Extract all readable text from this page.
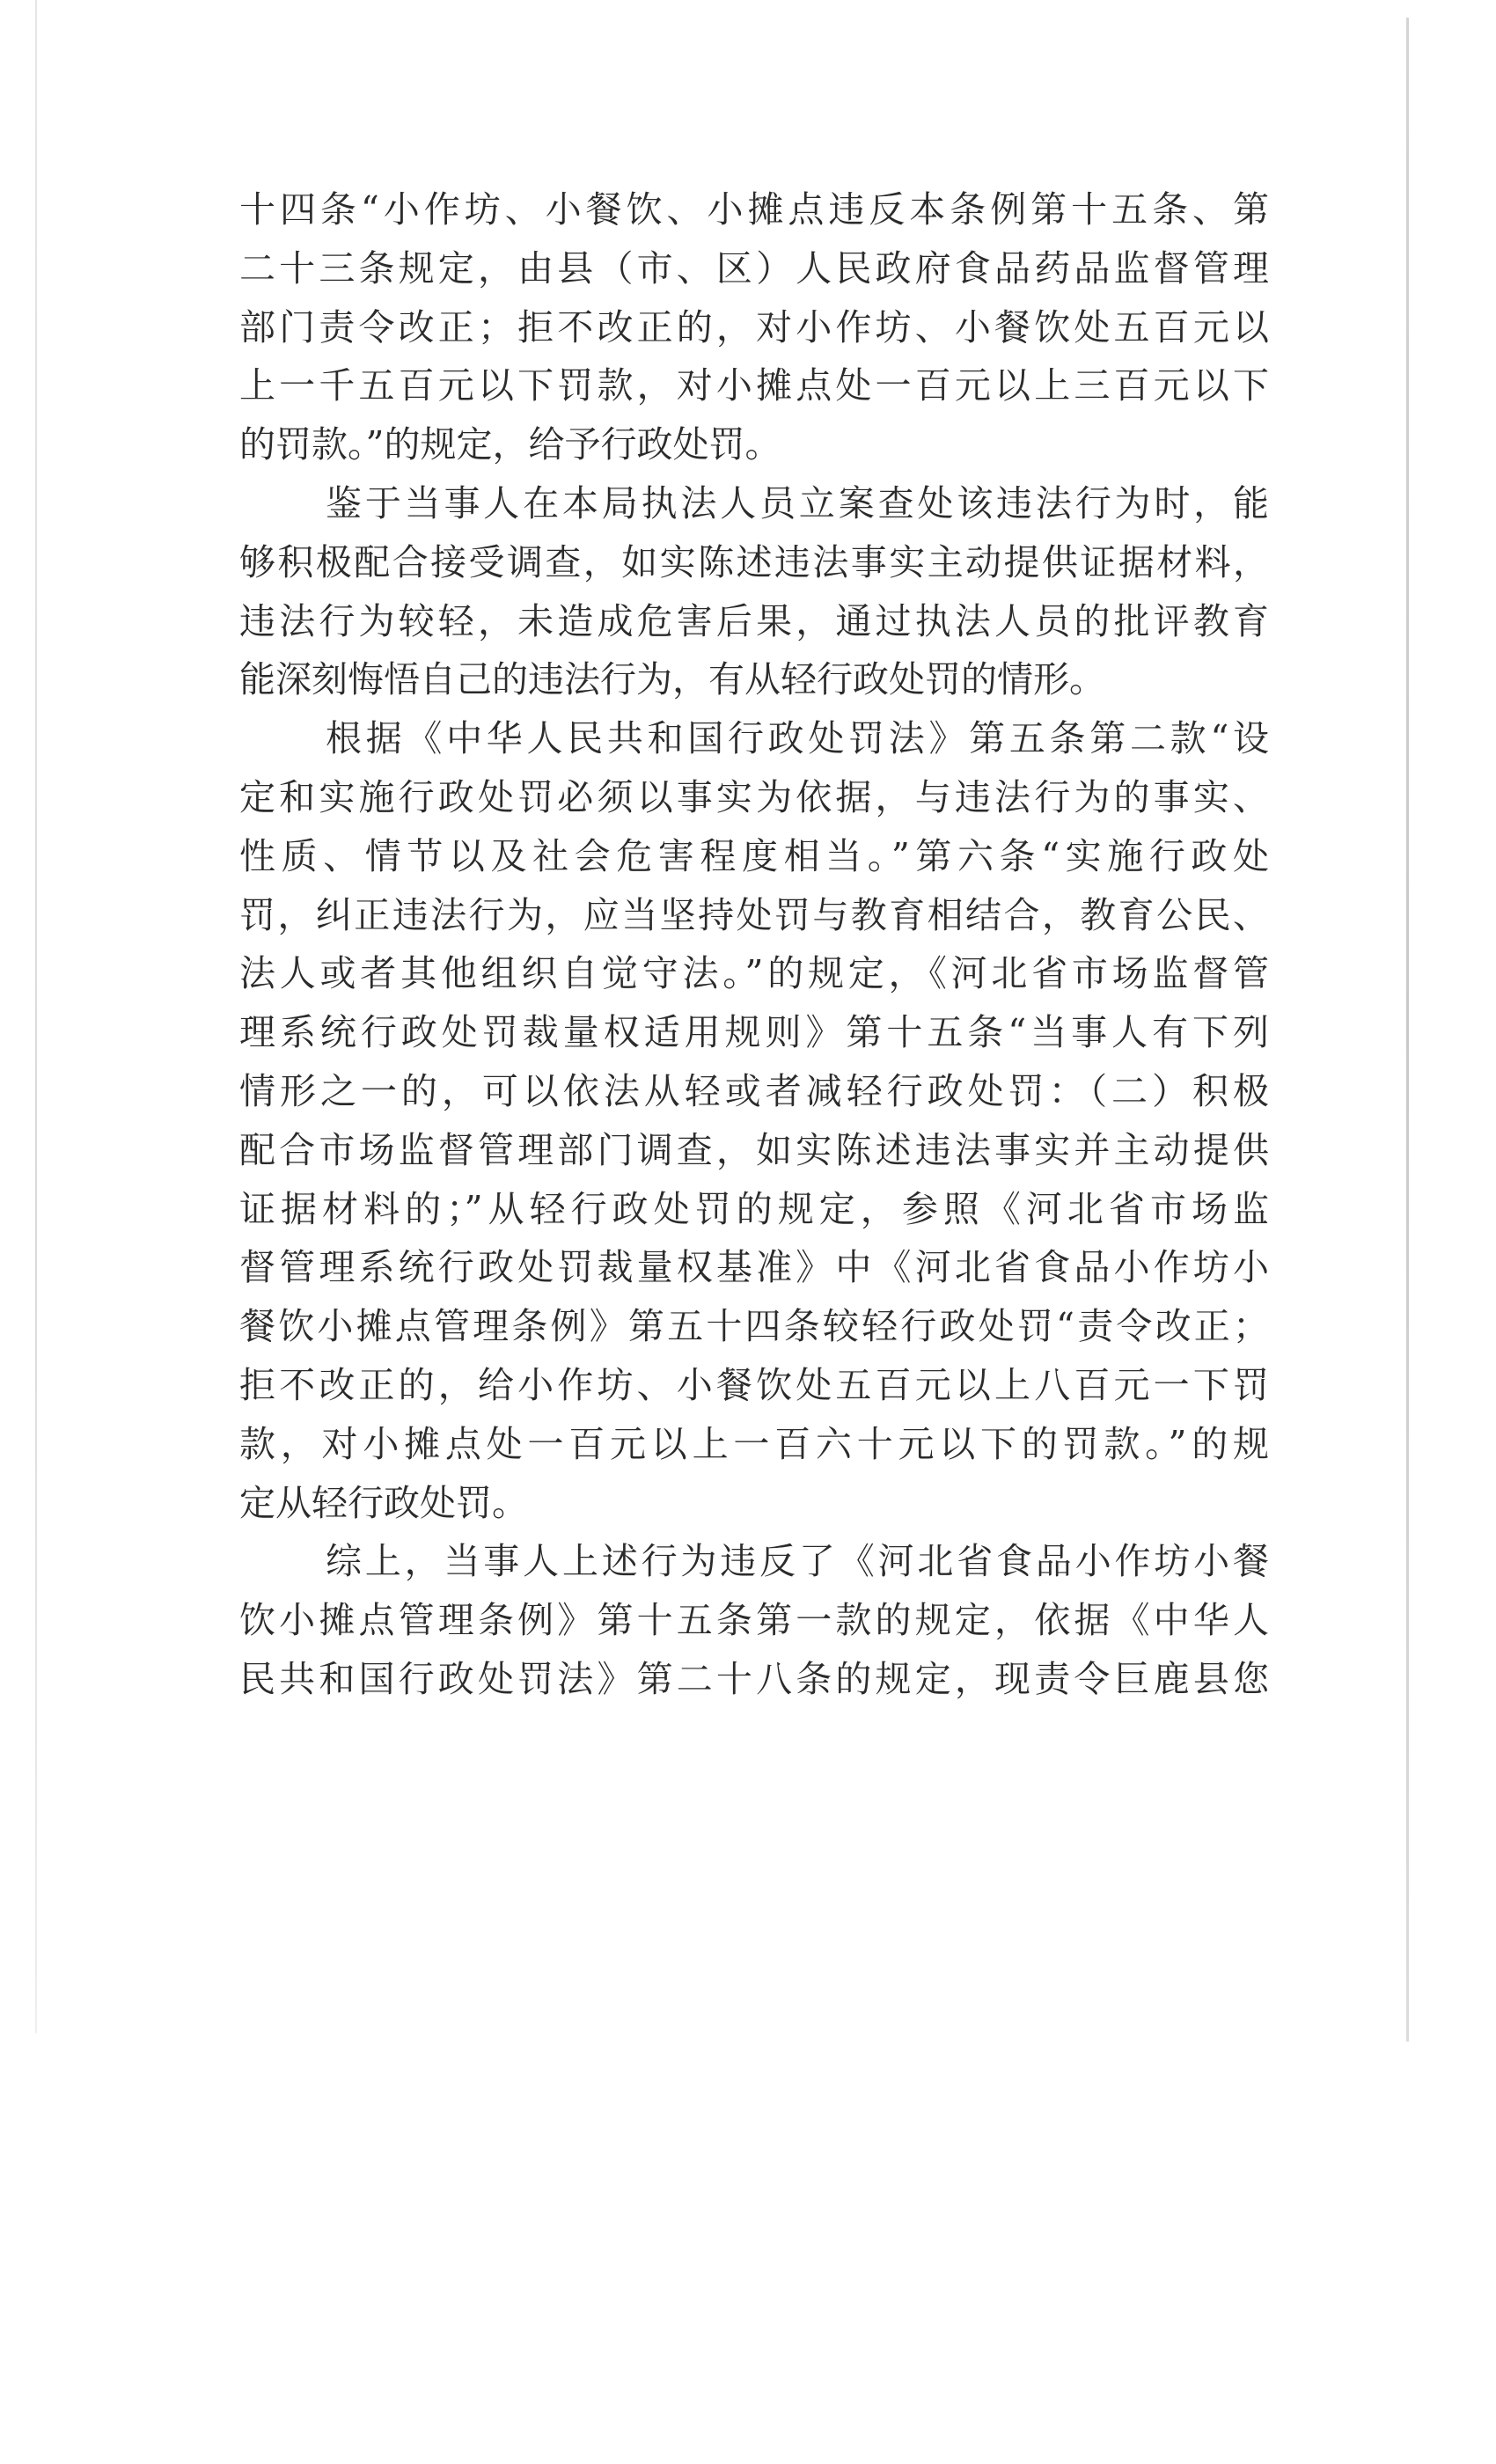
十四条“小作坊、小餐饮、小摊点违反本条例第十五条、第
二十三条规定，由县（市、区）人民政府食品药品监督管理
部门责令改正；拒不改正的，对小作坊、小餐饮处五百元以
上一千五百元以下罚款，对小摊点处一百元以上三百元以下
的罚款。”的规定，给予行政处罚。
鉴于当事人在本局执法人员立案查处该违法行为时，能
够积极配合接受调查，如实陈述违法事实主动提供证据材料，
违法行为较轻，未造成危害后果，通过执法人员的批评教育
能深刻悔悟自己的违法行为，有从轻行政处罚的情形。
根据《中华人民共和国行政处罚法》第五条第二款“设
定和实施行政处罚必须以事实为依据，与违法行为的事实、
性质、情节以及社会危害程度相当。”第六条“实施行政处
罚，纠正违法行为，应当坚持处罚与教育相结合，教育公民、
法人或者其他组织自觉守法。”的规定，《河北省市场监督管
理系统行政处罚裁量权适用规则》第十五条“当事人有下列
情形之一的，可以依法从轻或者减轻行政处罚：（二）积极
配合市场监督管理部门调查，如实陈述违法事实并主动提供
证据材料的；”从轻行政处罚的规定，参照《河北省市场监
督管理系统行政处罚裁量权基准》中《河北省食品小作坊小
餐饮小摊点管理条例》第五十四条较轻行政处罚“责令改正；
拒不改正的，给小作坊、小餐饮处五百元以上八百元一下罚
款，对小摊点处一百元以上一百六十元以下的罚款。”的规
定从轻行政处罚。
综上，当事人上述行为违反了《河北省食品小作坊小餐
饮小摊点管理条例》第十五条第一款的规定，依据《中华人
民共和国行政处罚法》第二十八条的规定，现责令巨鹿县您
